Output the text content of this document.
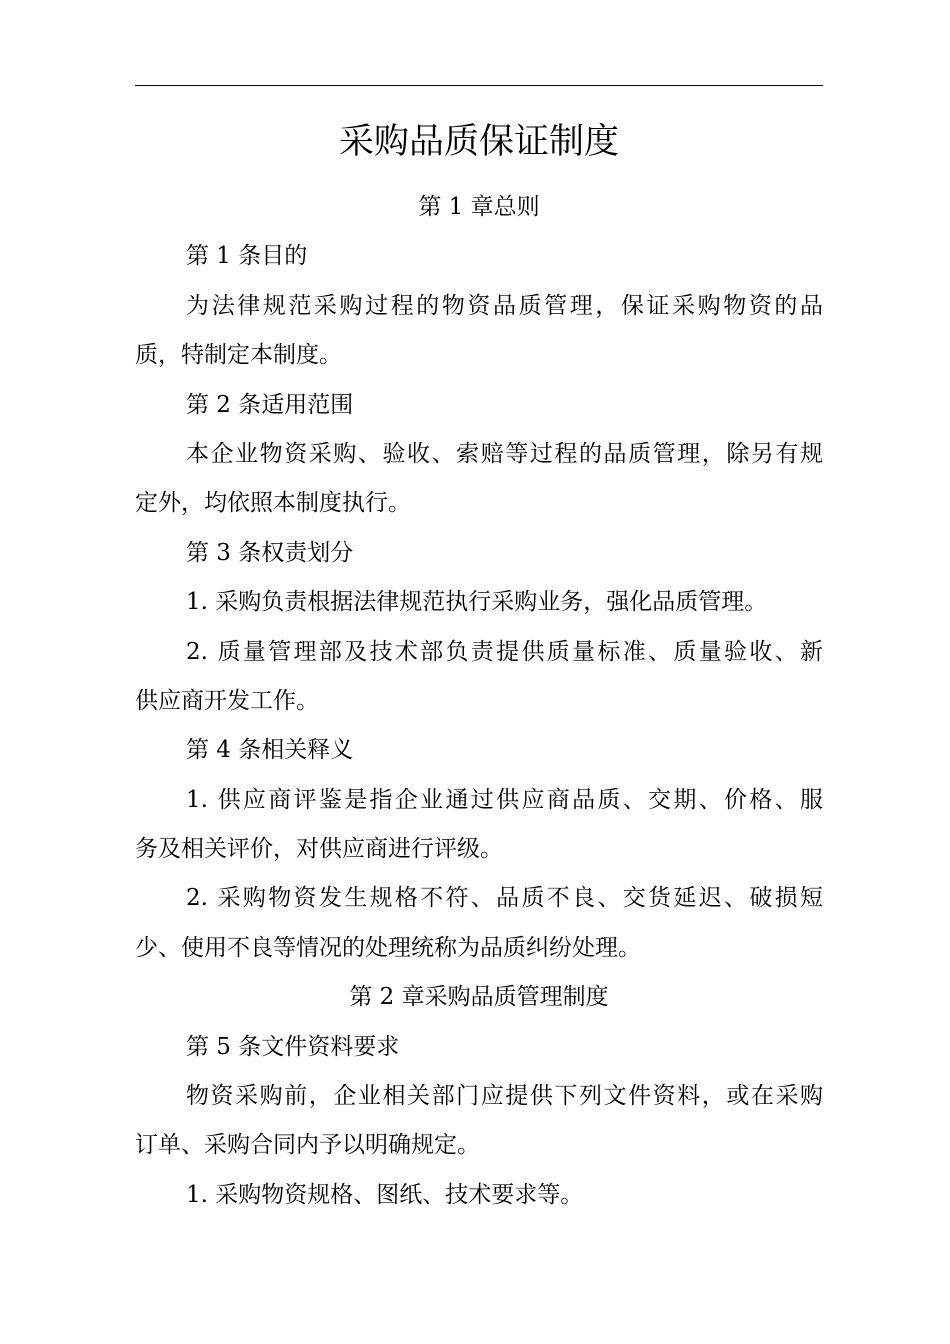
采购品质保证制度
第 1 章总则
第 1 条目的
为法律规范采购过程的物资品质管理，保证采购物资的品
质，特制定本制度。
第 2 条适用范围
本企业物资采购、验收、索赔等过程的品质管理，除另有规
定外，均依照本制度执行。
第 3 条权责划分
1. 采购负责根据法律规范执行采购业务，强化品质管理。
2. 质量管理部及技术部负责提供质量标准、质量验收、新
供应商开发工作。
第 4 条相关释义
1. 供应商评鉴是指企业通过供应商品质、交期、价格、服
务及相关评价，对供应商进行评级。
2. 采购物资发生规格不符、品质不良、交货延迟、破损短
少、使用不良等情况的处理统称为品质纠纷处理。
第 2 章采购品质管理制度
第 5 条文件资料要求
物资采购前，企业相关部门应提供下列文件资料，或在采购
订单、采购合同内予以明确规定。
1. 采购物资规格、图纸、技术要求等。
